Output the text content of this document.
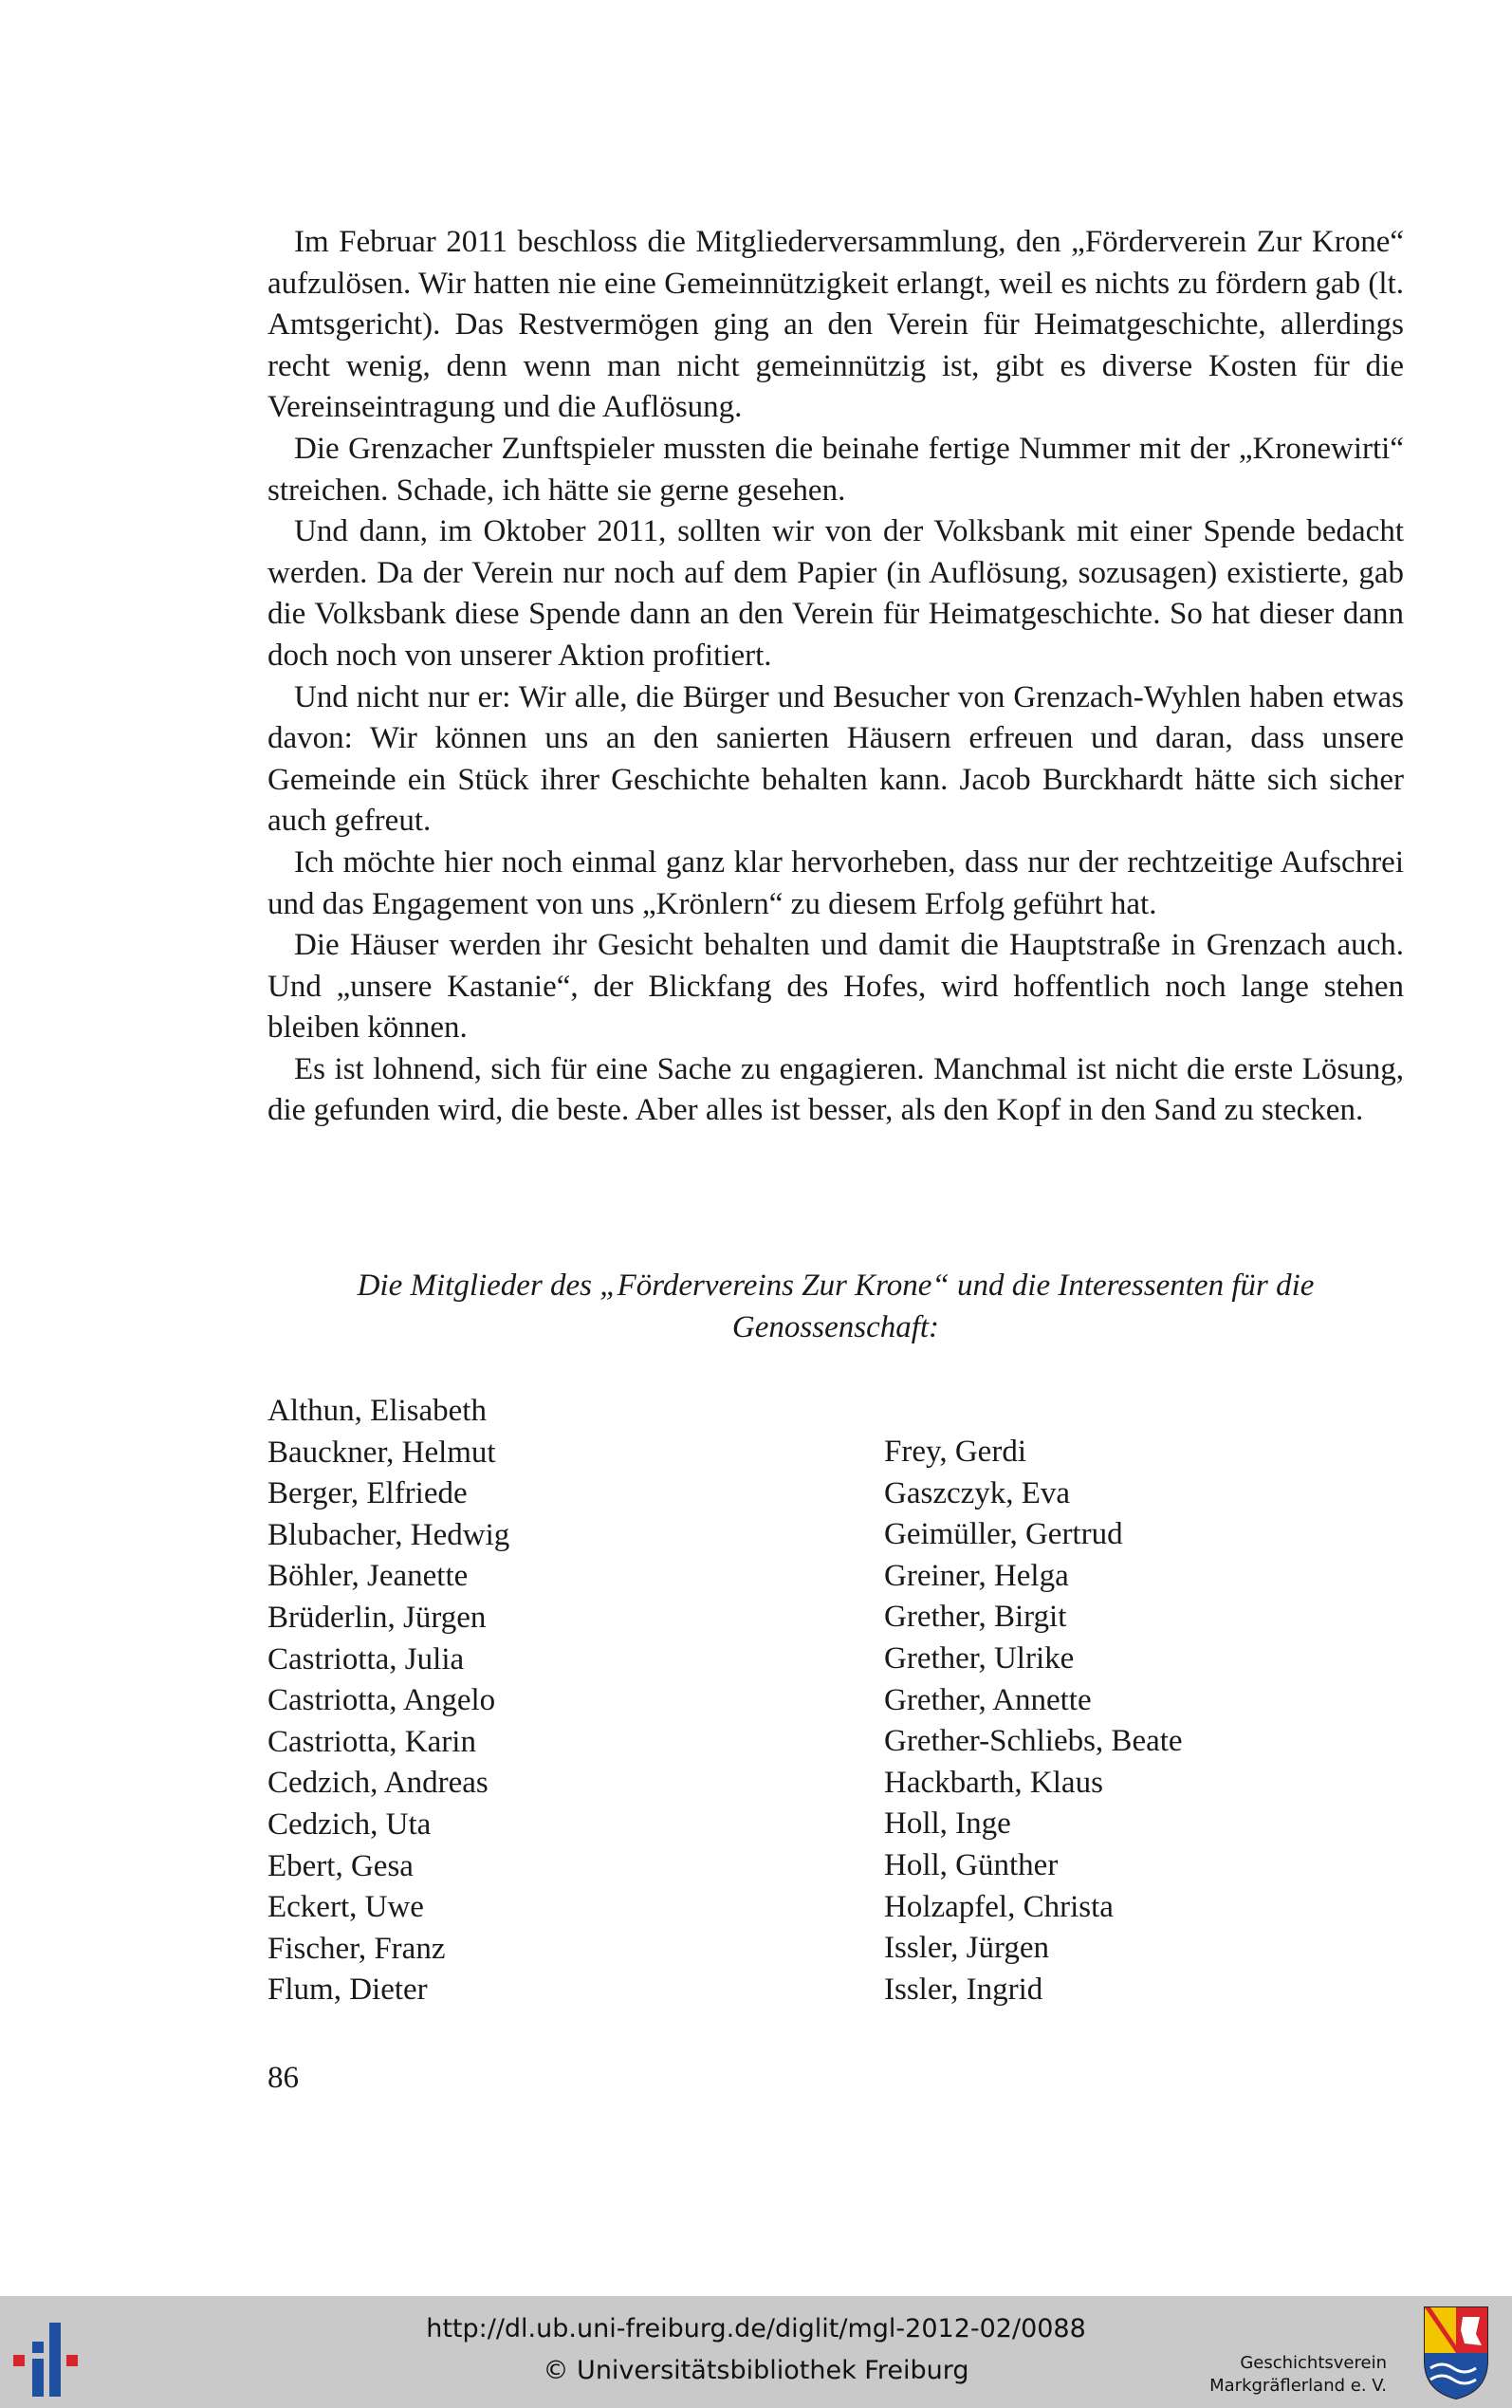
Im Februar 2011 beschloss die Mitgliederversammlung, den „Förderverein Zur Krone“ aufzulösen. Wir hatten nie eine Gemeinnützigkeit erlangt, weil es nichts zu fördern gab (lt. Amtsgericht). Das Restvermögen ging an den Verein für Heimatgeschichte, allerdings recht wenig, denn wenn man nicht gemeinnützig ist, gibt es diverse Kosten für die Vereinseintragung und die Auflösung.

Die Grenzacher Zunftspieler mussten die beinahe fertige Nummer mit der „Kronewirti“ streichen. Schade, ich hätte sie gerne gesehen.

Und dann, im Oktober 2011, sollten wir von der Volksbank mit einer Spende bedacht werden. Da der Verein nur noch auf dem Papier (in Auflösung, sozusagen) existierte, gab die Volksbank diese Spende dann an den Verein für Heimatgeschichte. So hat dieser dann doch noch von unserer Aktion profitiert.

Und nicht nur er: Wir alle, die Bürger und Besucher von Grenzach-Wyhlen haben etwas davon: Wir können uns an den sanierten Häusern erfreuen und daran, dass unsere Gemeinde ein Stück ihrer Geschichte behalten kann. Jacob Burckhardt hätte sich sicher auch gefreut.

Ich möchte hier noch einmal ganz klar hervorheben, dass nur der rechtzeitige Aufschrei und das Engagement von uns „Krönlern“ zu diesem Erfolg geführt hat.

Die Häuser werden ihr Gesicht behalten und damit die Hauptstraße in Grenzach auch. Und „unsere Kastanie“, der Blickfang des Hofes, wird hoffentlich noch lange stehen bleiben können.

Es ist lohnend, sich für eine Sache zu engagieren. Manchmal ist nicht die erste Lösung, die gefunden wird, die beste. Aber alles ist besser, als den Kopf in den Sand zu stecken.

Die Mitglieder des „Fördervereins Zur Krone“ und die Interessenten für die Genossenschaft:

Althun, Elisabeth
Bauckner, Helmut
Berger, Elfriede
Blubacher, Hedwig
Böhler, Jeanette
Brüderlin, Jürgen
Castriotta, Julia
Castriotta, Angelo
Castriotta, Karin
Cedzich, Andreas
Cedzich, Uta
Ebert, Gesa
Eckert, Uwe
Fischer, Franz
Flum, Dieter
Frey, Gerdi
Gaszczyk, Eva
Geimüller, Gertrud
Greiner, Helga
Grether, Birgit
Grether, Ulrike
Grether, Annette
Grether-Schliebs, Beate
Hackbarth, Klaus
Holl, Inge
Holl, Günther
Holzapfel, Christa
Issler, Jürgen
Issler, Ingrid
86
http://dl.ub.uni-freiburg.de/diglit/mgl-2012-02/0088
© Universitätsbibliothek Freiburg	Geschichtsverein
Markgräflerland e. V.
